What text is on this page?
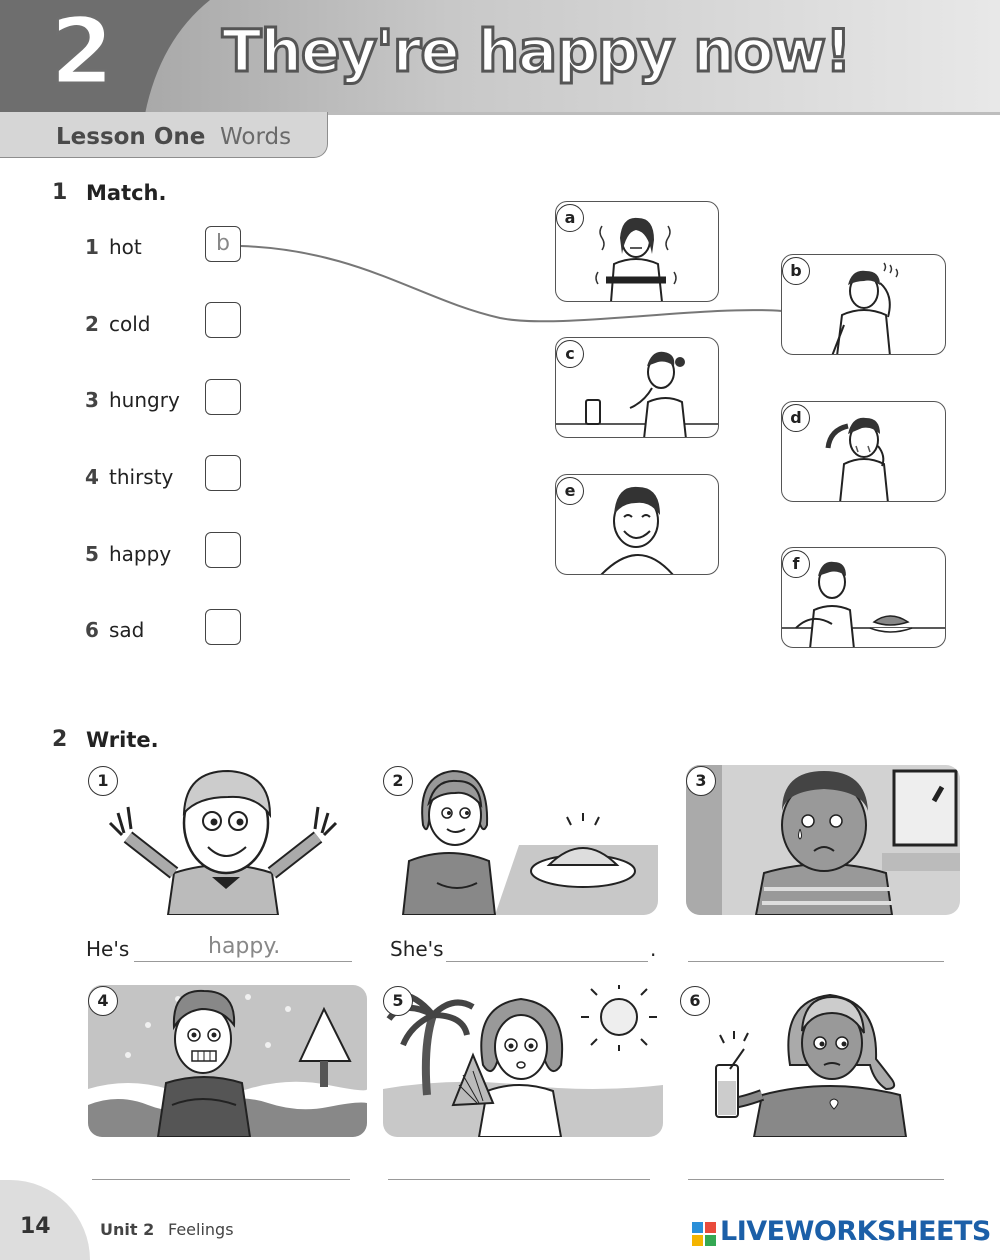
2 They're happy now!
Lesson One Words
1 Match.
1 hot	b
2 cold
3 hungry
4 thirsty
5 happy
6 sad
a
b
c
d
e
f
2 Write.
1	2	3
He's	happy.	She's	.
4	5	6
14	Unit 2 Feelings	LIVEWORKSHEETS
